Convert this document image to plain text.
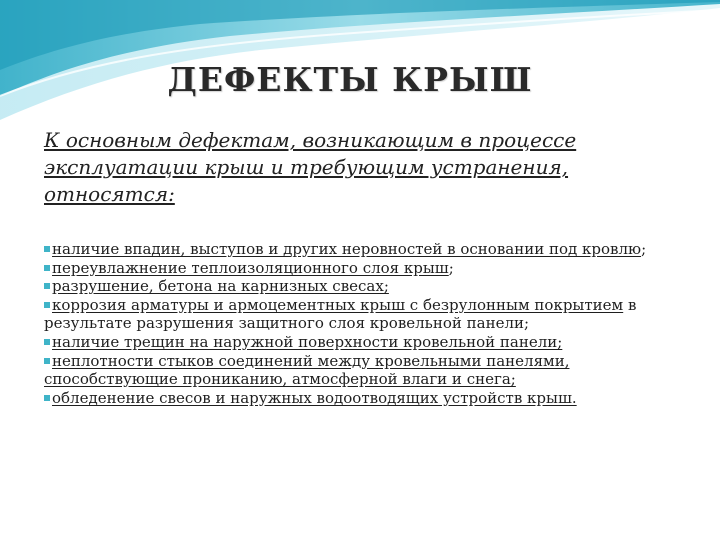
ДЕФЕКТЫ КРЫШ

К основным дефектам, возникающим в процессе эксплуатации крыш и требующим устранения, относятся:

наличие впадин, выступов и других неровностей в основании под кровлю;
переувлажнение теплоизоляционного слоя крыш;
разрушение, бетона на карнизных свесах;
коррозия арматуры и армоцементных крыш с безрулонным покрытием в результате разрушения защитного слоя кровельной панели;
наличие трещин на наружной поверхности кровельной панели;
неплотности стыков соединений между кровельными панелями, способствующие прониканию, атмосферной влаги и снега;
обледенение свесов и наружных водоотводящих устройств крыш.
